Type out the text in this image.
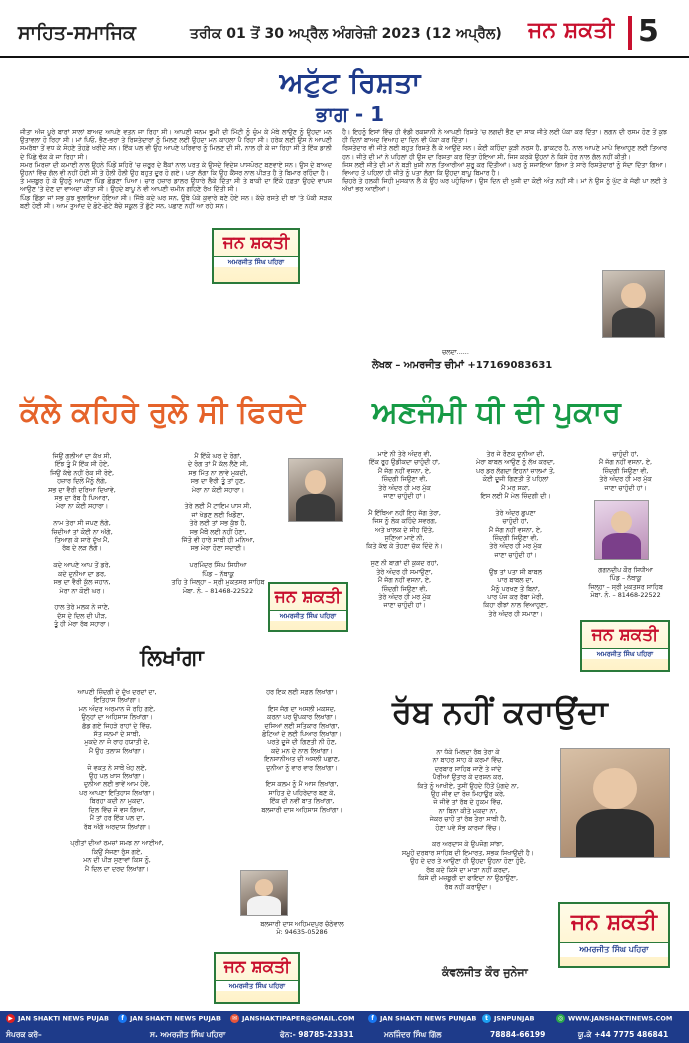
ਸਾਹਿਤ-ਸਮਾਜਿਕ	ਤਰੀਕ 01 ਤੋਂ 30 ਅਪ੍ਰੈਲ ਅੰਗਰੇਜ਼ੀ 2023 (12 ਅਪ੍ਰੈਲ) ਜਨ ਸ਼ਕਤੀ 5
ਅਟੁੱਟ ਰਿਸ਼ਤਾ
ਭਾਗ - 1
ਜੀਤਾ ਅੱਜ ਪੂਰੇ ਬਾਰਾਂ ਸਾਲਾਂ ਬਾਅਦ ਆਪਣੇ ਵਤਨ ਜਾ ਰਿਹਾ ਸੀ। ਆਪਣੀ ਜਨਮ ਭੂਮੀ ਦੀ ਮਿੱਟੀ ਨੂੰ ਚੁੰਮ ਕੇ ਮੱਥੇ ਲਾਉਣ ਨੂੰ ਉਹਦਾ ਮਨ ਉਤਾਵਲਾ ਹੋ ਰਿਹਾ ਸੀ। ਮਾਂ ਪਿਓ, ਭੈਣ-ਭਰਾ ਤੇ ਰਿਸ਼ਤੇਦਾਰਾਂ ਨੂੰ ਮਿਲਣ ਲਈ ਉਹਦਾ ਮਨ ਕਾਹਲਾ ਪੈ ਰਿਹਾ ਸੀ। ਹਰੇਕ ਲਈ ਉਸ ਨੇ ਆਪਣੀ ਸਮਰੱਥਾ ਤੋਂ ਵਧ ਕੇ ਸੋਹਣੇ ਤੋਹਫ਼ੇ ਖਰੀਦੇ ਸਨ। ਇੱਕ ਪਲ ਵੀ ਉਹ ਆਪਣੇ ਪਰਿਵਾਰ ਨੂੰ ਮਿਲਣ ਦੀ ਸੀ, ਨਾਲ ਹੀ ਕੇ ਜਾ ਰਿਹਾ ਸੀ ਤੇ ਇੱਕ ਡਾਲੀ ਦੇ ਪਿੱਛੇ ਢੱਕ ਕੇ ਜਾ ਰਿਹਾ ਸੀ।
ਸਮਰ ਮਿਰਜ਼ਾ ਦੀ ਕਮਾਈ ਨਾਲ ਉਹਨੇ ਪਿੰਡੋਂ ਸ਼ਹਿਰੋਂ 'ਚ ਜ਼ਰੂਰ ਦੇ ਬੈਂਕਾਂ ਨਾਲ ਪਰਤ ਕੇ ਉਸਦੇ ਵਿਦੇਸ਼ ਪਾਸਪੋਰਟ ਬਣਵਾਏ ਸਨ। ਉਸ ਦੇ ਬਾਅਦ ਉਹਨਾਂ ਵਿੱਚ ਗੱਲ ਵੀ ਨਹੀਂ ਹੋਈ ਸੀ ਤੇ ਹੌਲੀ ਹੌਲੀ ਉਹ ਬਹੁਤ ਦੂਰ ਹੋ ਗਏ। ਪਤਾ ਲੱਗਾ ਕਿ ਉਹ ਕੈਂਸਰ ਨਾਲ ਪੀੜਤ ਹੈ ਤੇ ਬਿਮਾਰ ਰਹਿੰਦਾ ਹੈ।
ਤੇ ਮਜ਼ਬੂਰ ਹੋ ਕੇ ਉਹਨੂੰ ਆਪਣਾ ਪਿੰਡ ਛੋਡਣਾ ਪਿਆ। ਚਾਰ ਹਜ਼ਾਰ ਡਾਲਰ ਉਧਾਰੇ ਲੈਕੇ ਦਿੱਤਾ ਸੀ ਤੇ ਬਾਕੀ ਦਾ ਇੱਕੋ ਹਫ਼ਤਾ ਉਹਦੇ ਵਾਪਸ ਆਉਣ 'ਤੇ ਦੇਣ ਦਾ ਵਾਅਦਾ ਕੀਤਾ ਸੀ। ਉਹਦੇ ਬਾਪੂ ਨੇ ਵੀ ਆਪਣੀ ਜ਼ਮੀਨ ਗਹਿਣੇ ਰੱਖ ਦਿੱਤੀ ਸੀ।
ਪਿੰਡ ਛਿੱਡਾ ਜਾਂ ਸਭ ਕੁਝ ਭੁਲਾਇਆ ਹੋਇਆ ਸੀ। ਜਿੱਥੇ ਕਦੇ ਘਰ ਸਨ, ਉਥੇ ਪੱਕੇ ਕੁਵਾਰੇ ਬਣੇ ਹੋਏ ਸਨ। ਕੱਚੇ ਰਸਤੇ ਦੀ ਥਾਂ 'ਤੇ ਪੱਕੀ ਸੜਕ ਬਣੀ ਹੋਈ ਸੀ। ਆਮ ਤੁਆਂਦ ਦੇ ਛੋਟੇ-ਛੋਟੇ ਬੱਚੇ ਸਕੂਲ ਤੋਂ ਛੁੱਟੇ ਸਨ, ਪਛਾਣ ਨਹੀਂ ਆ ਰਹੇ ਸਨ।
ਹੈ। ਇਹਨੂੰ ਇਸਾਂ ਵਿੱਚ ਹੀ ਵੱਡੀ ਰਕਸ਼ਾਨੀ ਨੇ ਆਪਣੀ ਰਿਸ਼ਤੇ 'ਚ ਲਗਦੀ ਭੈਣ ਦਾ ਸਾਕ ਜੀਤੇ ਲਈ ਪੱਕਾ ਕਰ ਦਿੱਤਾ। ਲਗਨ ਦੀ ਰਸਮ ਹੋਣ ਤੋਂ ਕੁਝ ਹੀ ਦਿਨਾਂ ਬਾਅਦ ਵਿਆਹ ਦਾ ਦਿਨ ਵੀ ਪੱਕਾ ਕਰ ਦਿੱਤਾ।
ਰਿਸ਼ਤੇਦਾਰ ਵੀ ਜੀਤੇ ਲਈ ਬਹੁਤ ਰਿਸ਼ਤੇ ਲੈ ਕੇ ਆਉਂਦੇ ਸਨ। ਕੋਈ ਕਹਿੰਦਾ ਕੁੜੀ ਨਰਸ ਹੈ, ਡਾਕਟਰ ਹੈ, ਨਾਲ ਆਪਣੇ ਮਾਪੇ ਵਿਆਹੁਣ ਲਈ ਤਿਆਰ ਹਨ। ਜੀਤੇ ਦੀ ਮਾਂ ਨੇ ਪਹਿਲਾਂ ਹੀ ਉਸ ਦਾ ਰਿਸ਼ਤਾ ਕਰ ਦਿੱਤਾ ਹੋਇਆ ਸੀ, ਜਿਸ ਕਰਕੇ ਉਹਨਾਂ ਨੇ ਕਿਸੇ ਹੋਰ ਨਾਲ ਗੱਲ ਨਹੀਂ ਕੀਤੀ।
ਜਿਸ ਲਈ ਜੀਤੇ ਦੀ ਮਾਂ ਨੇ ਬੜੀ ਖ਼ੁਸ਼ੀ ਨਾਲ ਤਿਆਰੀਆਂ ਸ਼ੁਰੂ ਕਰ ਦਿੱਤੀਆਂ। ਘਰ ਨੂੰ ਸਜਾਇਆ ਗਿਆ ਤੇ ਸਾਰੇ ਰਿਸ਼ਤੇਦਾਰਾਂ ਨੂੰ ਸੱਦਾ ਦਿੱਤਾ ਗਿਆ। ਵਿਆਹ ਤੋਂ ਪਹਿਲਾਂ ਹੀ ਜੀਤੇ ਨੂੰ ਪਤਾ ਲੱਗਾ ਕਿ ਉਹਦਾ ਬਾਪੂ ਬਿਮਾਰ ਹੈ।
ਚਿਹਰੇ ਤੇ ਹਲਕੀ ਜਿਹੀ ਮੁਸਕਾਨ ਲੈ ਕੇ ਉਹ ਘਰ ਪਹੁੰਚਿਆ। ਉਸ ਦਿਨ ਦੀ ਖੁਸ਼ੀ ਦਾ ਕੋਈ ਅੰਤ ਨਹੀਂ ਸੀ। ਮਾਂ ਨੇ ਉਸ ਨੂੰ ਘੁੱਟ ਕੇ ਜੱਫੀ ਪਾ ਲਈ ਤੇ ਅੱਖਾਂ ਭਰ ਆਈਆਂ।
ਜਨ ਸ਼ਕਤੀ
ਅਮਰਜੀਤ ਸਿੰਘ ਪਹਿਰਾ
ਚਲਦਾ......
ਲੇਖਕ – ਅਮਰਜੀਤ ਚੀਮਾਂ +17169083631
ਕੱਲੇ ਕਹਿਰੇ ਰੁਲੇ ਸੀ ਫਿਰਦੇ
ਜਿਉਂ ਗਲੀਆਂ ਦਾ ਕੱਖ ਸੀ,
ਇੰਝ ਤੂੰ ਮੈਂ ਇੱਕ ਸੀ ਹੋਏ,
ਜਿਉਂ ਕੱਢੇ ਨਹੀਂ ਰੋਕ ਸੀ ਰੋਏ,
ਹਜ਼ਾਰ ਦਿਲੋਂ ਮੈਂਨੂੰ ਲੱਗੇ,
ਸਭ ਦਾ ਵੈਰੀ ਦਰਿਆ ਦਿਖਾਵੇ,
ਸਭ ਦਾ ਰੱਬ ਹੈ ਪਿਆਰਾ,
ਮੇਰਾ ਨਾ ਕੋਈ ਸਹਾਰਾ।

ਨਾਮ ਤੇਰਾ ਸੀ ਜਪਣ ਲੱਗੇ,
ਜ਼ਿਦੀਆਂ ਤਾਂ ਕੋਈ ਨਾ ਅੱਗੇ,
ਤਿਆਗ ਕੇ ਸਾਰੇ ਦੁੱਖ ਮੈਂ,
ਰੱਬ ਦੇ ਲੜ ਲੱਗੇ।

ਕਦੇ ਆਪਣੇ ਆਪ ਤੋਂ ਡਰੇ,
ਕਦੇ ਦੁਨੀਆ ਦਾ ਡਰ,
ਸਭ ਦਾ ਵੈਰੀ ਕੁੱਲ ਜਹਾਨ,
ਮੇਰਾ ਨਾ ਕੋਈ ਘਰ।

ਹਾਲ ਤੇਰੇ ਮਲਕ ਨੇ ਜਾਣੇ,
ਦੱਸ ਦੇ ਦਿਲ ਦੀ ਪੀੜ,
ਤੂੰ ਹੀ ਮੇਰਾ ਰੱਬ ਸਹਾਰਾ।
ਮੈਂ ਇੱਕੋ ਘਰ ਦੇ ਰੋਗਾਂ,
ਦੇ ਰੰਗ ਤਾਂ ਮੈਂ ਕੱਲ ਲੈਣੇ ਸੀ,
ਸਭ ਮਿੱਤ ਨਾ ਲਾਵੇ ਮੁਕਦੀ,
ਸਭ ਦਾ ਵੈਰੀ ਤੂੰ ਤਾਂ ਹੁਣ,
ਮੇਰਾ ਨਾ ਕੋਈ ਸਹਾਰਾ।

ਤੇਰੇ ਲਈ ਮੈਂ ਟਾਇਮ ਪਾਸ ਸੀ,
ਜਾਂ ਖੇਡਣ ਲਈ ਖਿਡੌਣਾ,
ਤੇਰੇ ਲਈ ਤਾਂ ਸਭ ਕੁੱਝ ਹੈ,
ਸਭ ਮੈਥੋਂ ਲਈ ਨਹੀਂ ਹੋਣਾ,
ਜਿੱਤੋ ਵੀ ਹਾਰੇ ਸਾਥੀ ਹੀ ਮਨਿਆ,
ਸਭ ਮੇਰਾ ਹੋਣਾ ਸਦਾਈ।

ਪਰਮਿੰਦਰ ਸਿੰਘ ਸਿਧੀਆ
ਪਿੰਡ – ਨੱਥਾਕੂ
ਤਹਿ ਤੇ ਜਿਲ੍ਹਾ – ਸ੍ਰੀ ਮੁਕਤਸਰ ਸਾਹਿਬ
ਮੋਬਾ. ਨੰ. – 81468-22522	ਜਨ ਸ਼ਕਤੀ
ਅਮਰਜੀਤ ਸਿੰਘ ਪਹਿਰਾ
ਅਣਜੰਮੀ ਧੀ ਦੀ ਪੁਕਾਰ
ਮਾਏ ਨੀ ਤੇਰੇ ਅੰਦਰ ਵੀ,
ਇੱਕ ਰੂਹ ਉਡੀਕਦਾ ਚਾਹੁੰਦੀ ਹਾਂ,
ਮੈਂ ਜੱਗ ਨਹੀਂ ਵਸਨਾ, ਏ,
ਜ਼ਿੰਦਗੀ ਜਿਉਣਾ ਵੀ,
ਤੇਰੇ ਅੰਦਰ ਹੀ ਮਰ ਮੁੱਕ
ਜਾਣਾ ਚਾਹੁੰਦੀ ਹਾਂ।

ਮੈਂ ਇੱਥਿਆ ਨਹੀਂ ਇਹ ਜੱਗ ਤੇਰਾ,
ਜਿਸ ਨੂੰ ਲੋਕ ਕਹਿੰਦੇ ਸਵਰਗ,
ਅਤੇ ਖ਼ਾਲਕ ਦੇ ਸੀਹ ਦਿੱਤੇ,
ਸੁਣਿਆ ਮਾਏ ਨੀ,
ਕਿਤੇ ਕੱਢ ਕੇ ਤੋਹਣਾ ਚੱਕ ਦਿੰਦੇ ਨੇ।

ਸੁਣ ਨੀ ਬਾਗ਼ਾਂ ਦੀ ਕੁਕਦ ਰਹਾਂ,
ਤੇਰੇ ਅੰਦਰ ਹੀ ਸਮਾਉਣਾ,
ਮੈਂ ਜੱਗ ਨਹੀਂ ਵਸਨਾ, ਏ,
ਜ਼ਿੰਦਗੀ ਜਿਉਣਾ ਵੀ,
ਤੇਰੇ ਅੰਦਰ ਹੀ ਮਰ ਮੁੱਕ
ਜਾਣਾ ਚਾਹੁੰਦੀ ਹਾਂ।
ਤੇਰ ਜੇ ਰੌਣਕ ਦੁਨੀਆ ਦੀ,
ਮੇਰਾ ਬਾਬਲ ਆਉਣ ਨੂੰ ਲੱਖ ਕਰਦਾ,
ਪਰ ਡਰ ਲੱਗਦਾ ਇਹਨਾਂ ਜ਼ਾਲਮਾਂ ਤੋਂ,
ਕੋਈ ਦੂਜੀ ਗਿਣਤੀ ਤੋਂ ਪਹਿਲਾਂ
ਮੈਂ ਮਰ ਸਕਾ,
ਇਸ ਲਈ ਮੈਂ ਮੇਲ ਜ਼ਿੰਦਗੀ ਦੀ।

ਤੇਰੇ ਅੰਦਰ ਛੁਪਣਾ
ਚਾਹੁੰਦੀ ਹਾਂ,
ਮੈਂ ਜੱਗ ਨਹੀਂ ਵਸਨਾ, ਏ,
ਜ਼ਿੰਦਗੀ ਜਿਉਣਾ ਵੀ,
ਤੇਰੇ ਅੰਦਰ ਹੀ ਮਰ ਮੁੱਕ
ਜਾਣਾ ਚਾਹੁੰਦੀ ਹਾਂ।

ਉਂਝ ਤਾਂ ਪਤਾ ਸੀ ਬਾਬਲ
ਪਾਰ ਬਾਬਲ ਦਾ,
ਮੈਨੂੰ ਪਰਖਣ ਤੋਂ ਬਿਨਾਂ,
ਪਾਰ ਪੰਜ ਕਰ ਰੱਬਾ ਮੇਰੀ,
ਕਿਹਾ ਰੀਝਾਂ ਨਾਲ ਵਿਆਹੁਣਾ,
ਤੇਰੇ ਅੰਦਰ ਹੀ ਸਮਾਣਾ।
ਚਾਹੁੰਦੀ ਹਾਂ,
ਮੈਂ ਜੱਗ ਨਹੀਂ ਵਸਨਾ, ਏ,
ਜ਼ਿੰਦਗੀ ਜਿਉਣਾ ਵੀ,
ਤੇਰੇ ਅੰਦਰ ਹੀ ਮਰ ਮੁੱਕ
ਜਾਣਾ ਚਾਹੁੰਦੀ ਹਾਂ।
ਗਗਨਦੀਪ ਕੌਰ ਸਿਧੀਆ
ਪਿੰਡ – ਨੱਥਾਕੂ
ਜਿਲ੍ਹਾ – ਸ੍ਰੀ ਮੁਕਤਸਰ ਸਾਹਿਬ
ਮੋਬਾ. ਨੰ. – 81468-22522
ਜਨ ਸ਼ਕਤੀ
ਅਮਰਜੀਤ ਸਿੰਘ ਪਹਿਰਾ
ਲਿਖਾਂਗਾ
ਆਪਣੀ ਜ਼ਿੰਦਗੀ ਦੇ ਦੁੱਖ ਦਰਦਾਂ ਦਾ,
ਇਤਿਹਾਸ ਲਿਖਾਂਗਾ।
ਮਨ ਅੰਦਰ ਅਰਮਾਨ ਜੋ ਰਹਿ ਗਏ,
ਉਨ੍ਹਾਂ ਦਾ ਅਹਿਸਾਸ ਲਿਖਾਂਗਾ।
ਛੱਡ ਗਏ ਜਿਹੜੇ ਰਾਹਾਂ ਦੇ ਵਿੱਚ,
ਸੱਤ ਜਨਮਾਂ ਦੇ ਸਾਥੀ,
ਮੁਕਦੇ ਨਾ ਜੋ ਰਾਹ ਹਯਾਤੀ ਦੇ,
ਮੈਂ ਉਹ ਤਲਾਸ਼ ਲਿਖਾਂਗਾ।

ਜੋ ਵਕਤ ਨੇ ਸਾਥੋਂ ਖੋਹ ਲਏ,
ਉਹ ਪਲ ਖ਼ਾਸ ਲਿਖਾਂਗਾ।
ਦੁਨੀਆ ਲਈ ਭਾਵੇਂ ਆਮ ਹੋਵੇ,
ਪਰ ਆਪਣਾ ਇਤਿਹਾਸ ਲਿਖਾਂਗਾ।
ਬਿਰਹਾ ਕਦੀ ਨਾ ਮੁਕਦਾ,
ਦਿਲ ਵਿੱਚ ਜੋ ਵਸ ਗਿਆ,
ਮੈਂ ਤਾਂ ਹਰ ਇੱਕ ਪਲ ਦਾ,
ਰੱਬ ਅੱਗੇ ਅਰਦਾਸ ਲਿਖਾਂਗਾ।

ਪ੍ਰੀਤਾਂ ਦੀਆਂ ਰਮਜ਼ਾਂ ਸਮਝ ਨਾ ਆਈਆਂ,
ਕਿਉਂ ਸੱਜਣਾ ਰੁੱਸ ਗਏ,
ਮਨ ਦੀ ਪੀੜ ਸੁਣਾਵਾਂ ਕਿਸ ਨੂੰ,
ਮੈਂ ਦਿਲ ਦਾ ਦਰਦ ਲਿਖਾਂਗਾ।
ਹਰ ਇਕ ਲਈ ਸਫ਼ਲ ਲਿਖਾਂਗਾ।

ਇਸ ਜੱਗ ਦਾ ਅਸਲੀ ਮਕਸਦ,
ਕਰਨਾ ਪਰ ਉਪਕਾਰ ਲਿਖਾਂਗਾ।
ਦਸਿਆਂ ਲਈ ਸਤਿਕਾਰ ਲਿਖਾਂਗਾ,
ਛੋਟਿਆਂ ਦੇ ਲਈ ਪਿਆਰ ਲਿਖਾਂਗਾ।
ਪਰਤੇ ਦੂਜੇ ਦੀ ਗਿਣਤੀ ਨੀ ਹੋਣ,
ਕਦੇ ਮਨ ਦੇ ਨਾਲ ਲਿਖਾਂਗਾ।
ਇਨਸਾਨੀਅਤ ਦੀ ਅਸਲੀ ਪਛਾਣ,
ਦੁਨੀਆ ਨੂੰ ਵਾਰ ਵਾਰ ਲਿਖਾਂਗਾ।

ਇਸ ਕਲਮ ਨੂੰ ਮੈਂ ਆਸ ਲਿਖਾਂਗਾ,
ਸਾਹਿਤ ਦੇ ਪਹਿਰੇਦਾਰ ਬਣ ਕੇ,
ਇੱਕ ਦੀ ਨਵੀਂ ਬਾਤ ਲਿਖਾਂਗਾ,
ਬਲਜਾਰੀ ਦਾਸ ਅਹਿਸਾਸ ਲਿਖਾਂਗਾ।
ਬਲਜਾਰੀ ਦਾਸ ਅਹਿਮਦਪੁਰ ਚੱਠੇਵਾਲ
ਮੋ: 94635-05286
ਜਨ ਸ਼ਕਤੀ
ਅਮਰਜੀਤ ਸਿੰਘ ਪਹਿਰਾ
ਰੱਬ ਨਹੀਂ ਕਰਾਉਂਦਾ
ਨਾ ਧੱਕੇ ਮਿਲਦਾ ਰੱਬ ਤੇਰਾ ਕੇ
ਨਾ ਬਾਹਰ ਸਾਹ ਕੇ ਕਰਮਾਂ ਵਿੱਚ,
ਦਰਬਾਰ ਸਾਹਿਬ ਜਾਣੋਂ ਤੇ ਜਾਂਦੇ
ਪੈਰੀਆਂ ਉਤਾਰ ਕੇ ਦਰਸ਼ਨ ਕਰ,
ਕਿਤੇ ਨੂੰ ਆਖੀਏ, ਤੁਸੀਂ ਉਹਦੇ ਹਿੱਤੋਂ ਪੁੱਗਦੇ ਨਾ,
ਉਹ ਜੀਵ ਦਾ ਰੋਜ਼ ਮਿਹਾਊਰ ਕਰੇ,
ਜੋ ਜੀਵੇ ਤਾਂ ਰੱਬ ਦੇ ਹੁਕਮ ਵਿੱਚ,
ਨਾ ਬਿਨਾ ਕੀਤੇ ਮੁਕਦਾ ਨਾ,
ਜੇਕਰ ਚਾਹੋਂ ਤਾਂ ਰੱਬ ਤੇਰਾ ਸਾਥੀ ਹੈ,
ਹੋਣਾ ਪਵੇ ਸੱਭ ਕਾਰਜਾਂ ਵਿੱਚ।

ਕਰ ਅਰਦਾਸ ਕੇ ਉਪਜੋਗ ਸਾਂਝਾ,
ਸਮੂਹੋਂ ਦਰਬਾਰ ਸਾਹਿਬ ਦੀ ਇਮਾਰਤ, ਸਭਕ ਸਿਖਾਉਂਦੀ ਹੈ।
ਉਹ ਦੇ ਦਰ ਤੇ ਆਉਣਾ ਹੀ ਉਹਦਾ ਉਹਨਾ ਹੋਣਾ ਹੁੰਦੈ,
ਰੱਬ ਕਦੇ ਕਿਸੇ ਦਾ ਮਾੜਾ ਨਹੀਂ ਕਰਦਾ,
ਕਿਸੇ ਦੀ ਮਜ਼ਬੂਰੀ ਦਾ ਫਾਇਦਾ ਨਾ ਉਠਾਉਣਾ,
ਰੱਬ ਨਹੀਂ ਕਰਾਉਂਦਾ।
ਜਨ ਸ਼ਕਤੀ
ਅਮਰਜੀਤ ਸਿੰਘ ਪਹਿਰਾ
ਕੰਵਲਜੀਤ ਕੌਰ ਜੁਨੇਜਾ
▶ JAN SHAKTI NEWS PUJAB	f JAN SHAKTI NEWS PUJAB	✉ JANSHAKTIPAPER@GMAIL.COM	f JAN SHAKTI NEWS PUNJAB	t JSNPUNJAB	◎ WWW.JANSHAKTINEWS.COM
ਸੰਪਰਕ ਕਰੋ–	ਸ. ਅਮਰਜੀਤ ਸਿੰਘ ਪਹਿਰਾ	ਫੋਨ:- 98785-23331	ਮਨਜਿੰਦਰ ਸਿੰਘ ਗਿੱਲ	78884-66199	ਯੂ.ਕੇ +44 7775 486841
